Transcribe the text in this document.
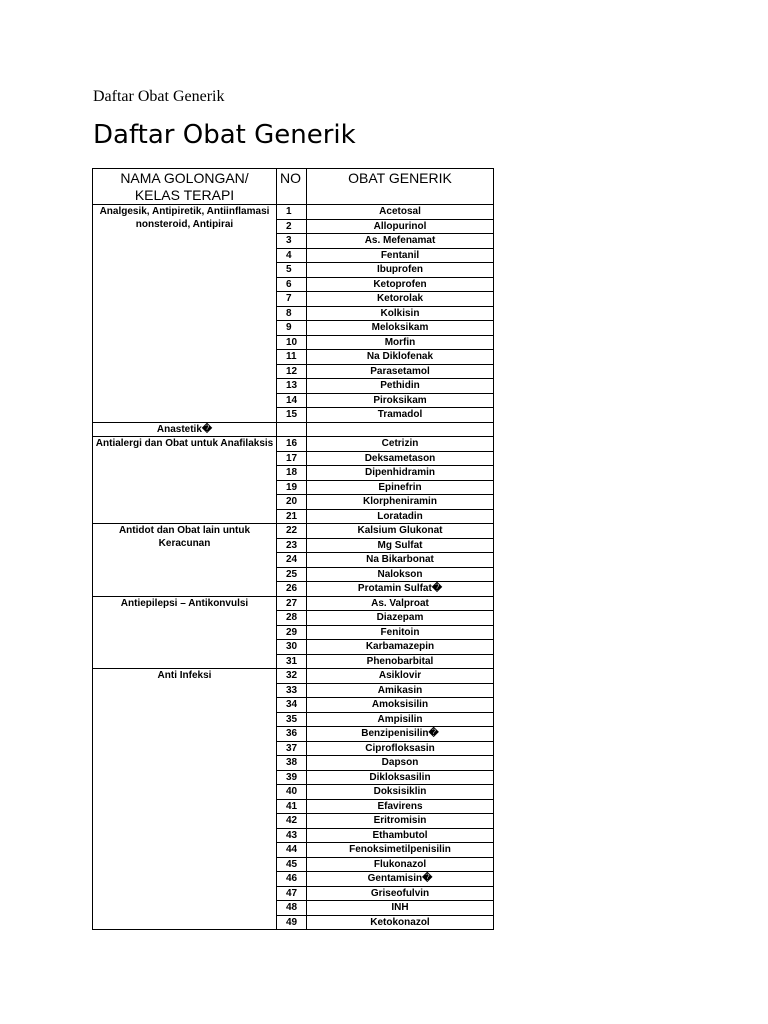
Daftar Obat Generik
Daftar Obat Generik
NAMA GOLONGAN/
KELAS TERAPI	NO	OBAT GENERIK
Analgesik, Antipiretik, Antiinflamasi nonsteroid, Antipirai	1	Acetosal
	2	Allopurinol
	3	As. Mefenamat
	4	Fentanil
	5	Ibuprofen
	6	Ketoprofen
	7	Ketorolak
	8	Kolkisin
	9	Meloksikam
	10	Morfin
	11	Na Diklofenak
	12	Parasetamol
	13	Pethidin
	14	Piroksikam
	15	Tramadol
Anastetik�		
Antialergi dan Obat untuk Anafilaksis	16	Cetrizin
	17	Deksametason
	18	Dipenhidramin
	19	Epinefrin
	20	Klorpheniramin
	21	Loratadin
Antidot dan Obat lain untuk Keracunan	22	Kalsium Glukonat
	23	Mg Sulfat
	24	Na Bikarbonat
	25	Nalokson
	26	Protamin Sulfat�
Antiepilepsi – Antikonvulsi	27	As. Valproat
	28	Diazepam
	29	Fenitoin
	30	Karbamazepin
	31	Phenobarbital
Anti Infeksi	32	Asiklovir
	33	Amikasin
	34	Amoksisilin
	35	Ampisilin
	36	Benzipenisilin�
	37	Ciprofloksasin
	38	Dapson
	39	Dikloksasilin
	40	Doksisiklin
	41	Efavirens
	42	Eritromisin
	43	Ethambutol
	44	Fenoksimetilpenisilin
	45	Flukonazol
	46	Gentamisin�
	47	Griseofulvin
	48	INH
	49	Ketokonazol
